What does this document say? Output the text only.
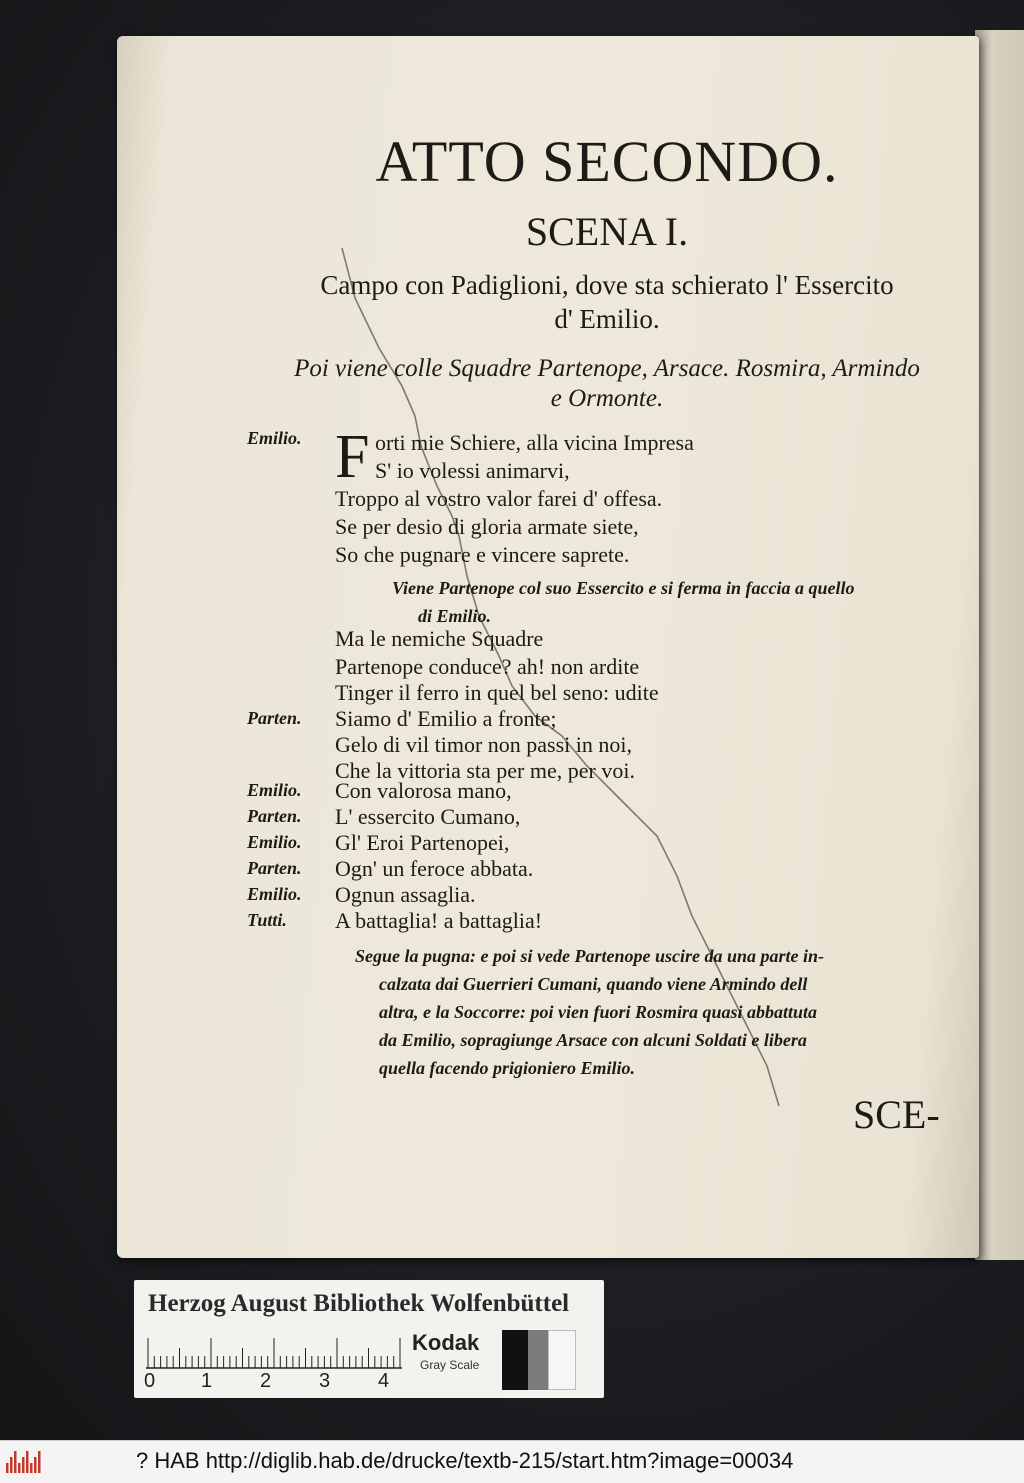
ATTO SECONDO.
SCENA I.
Campo con Padiglioni, dove sta schierato l' Essercito
d' Emilio.
Poi viene colle Squadre Partenope, Arsace. Rosmira, Armindo
e Ormonte.
Emilio. F orti mie Schiere, alla vicina Impresa
S' io volessi animarvi,
Troppo al vostro valor farei d' offesa.
Se per desio di gloria armate siete,
So che pugnare e vincere saprete.
Viene Partenope col suo Essercito e si ferma in faccia a quello
di Emilio.
Ma le nemiche Squadre
Partenope conduce? ah! non ardite
Tinger il ferro in quel bel seno: udite
Parten. Siamo d' Emilio a fronte;
Gelo di vil timor non passi in noi,
Che la vittoria sta per me, per voi.
Emilio. Con valorosa mano,
Parten. L' essercito Cumano,
Emilio. Gl' Eroi Partenopei,
Parten. Ogn' un feroce abbata.
Emilio. Ognun assaglia.
Tutti. A battaglia! a battaglia!
Segue la pugna: e poi si vede Partenope uscire da una parte in-
calzata dai Guerrieri Cumani, quando viene Armindo dell
altra, e la Soccorre: poi vien fuori Rosmira quasi abbattuta
da Emilio, sopragiunge Arsace con alcuni Soldati e libera
quella facendo prigioniero Emilio.
SCE-
Herzog August Bibliothek Wolfenbüttel
0 1 2 3 4
Kodak
Gray Scale
? HAB http://diglib.hab.de/drucke/textb-215/start.htm?image=00034
